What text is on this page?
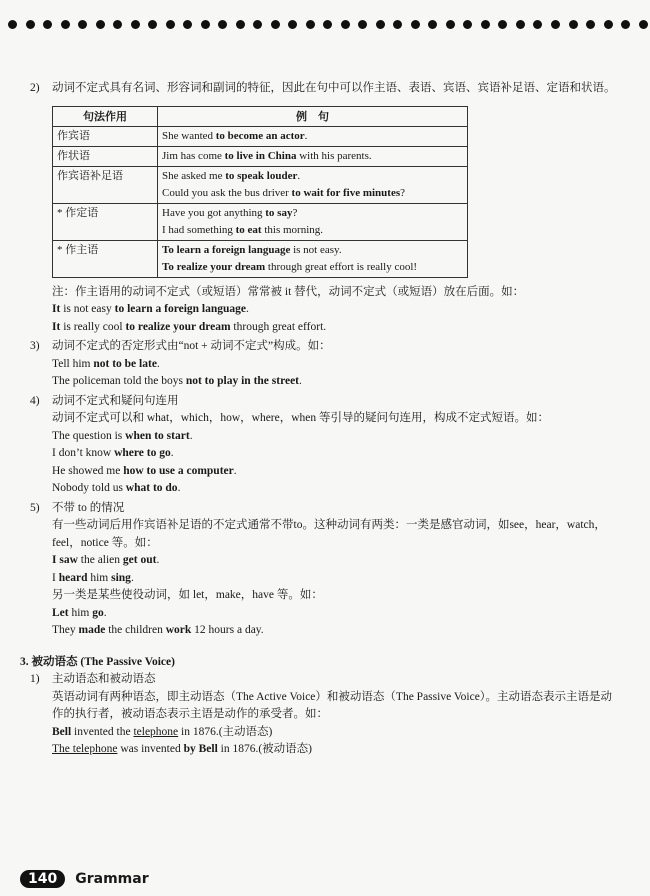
2)	动词不定式具有名词、形容词和副词的特征，因此在句中可以作主语、表语、宾语、宾语补足语、定语和状语。

句法作用	例　句
作宾语	She wanted to become an actor.

作状语	Jim has come to live in China with his parents.

作宾语补足语	She asked me to speak louder.

Could you ask the bus driver to wait for five minutes?

* 作定语	Have you got anything to say?

I had something to eat this morning.

* 作主语	To learn a foreign language is not easy.

To realize your dream through great effort is really cool!

注：作主语用的动词不定式（或短语）常常被 it 替代，动词不定式（或短语）放在后面。如：

It is not easy to learn a foreign language.

It is really cool to realize your dream through great effort.

3)	动词不定式的否定形式由“not + 动词不定式”构成。如：

Tell him not to be late.

The policeman told the boys not to play in the street.

4)	动词不定式和疑问句连用

动词不定式可以和 what，which，how，where，when 等引导的疑问句连用，构成不定式短语。如：

The question is when to start.

I don’t know where to go.

He showed me how to use a computer.

Nobody told us what to do.

5)	不带 to 的情况

有一些动词后用作宾语补足语的不定式通常不带to。这种动词有两类：一类是感官动词，如see，hear，watch，feel，notice 等。如：

I saw the alien get out.

I heard him sing.

另一类是某些使役动词，如 let，make，have 等。如：

Let him go.

They made the children work 12 hours a day.

3. 被动语态 (The Passive Voice)

1)	主动语态和被动语态

英语动词有两种语态，即主动语态（The Active Voice）和被动语态（The Passive Voice）。主动语态表示主语是动作的执行者，被动语态表示主语是动作的承受者。如：

Bell invented the telephone in 1876.(主动语态)

The telephone was invented by Bell in 1876.(被动语态)

140	Grammar
